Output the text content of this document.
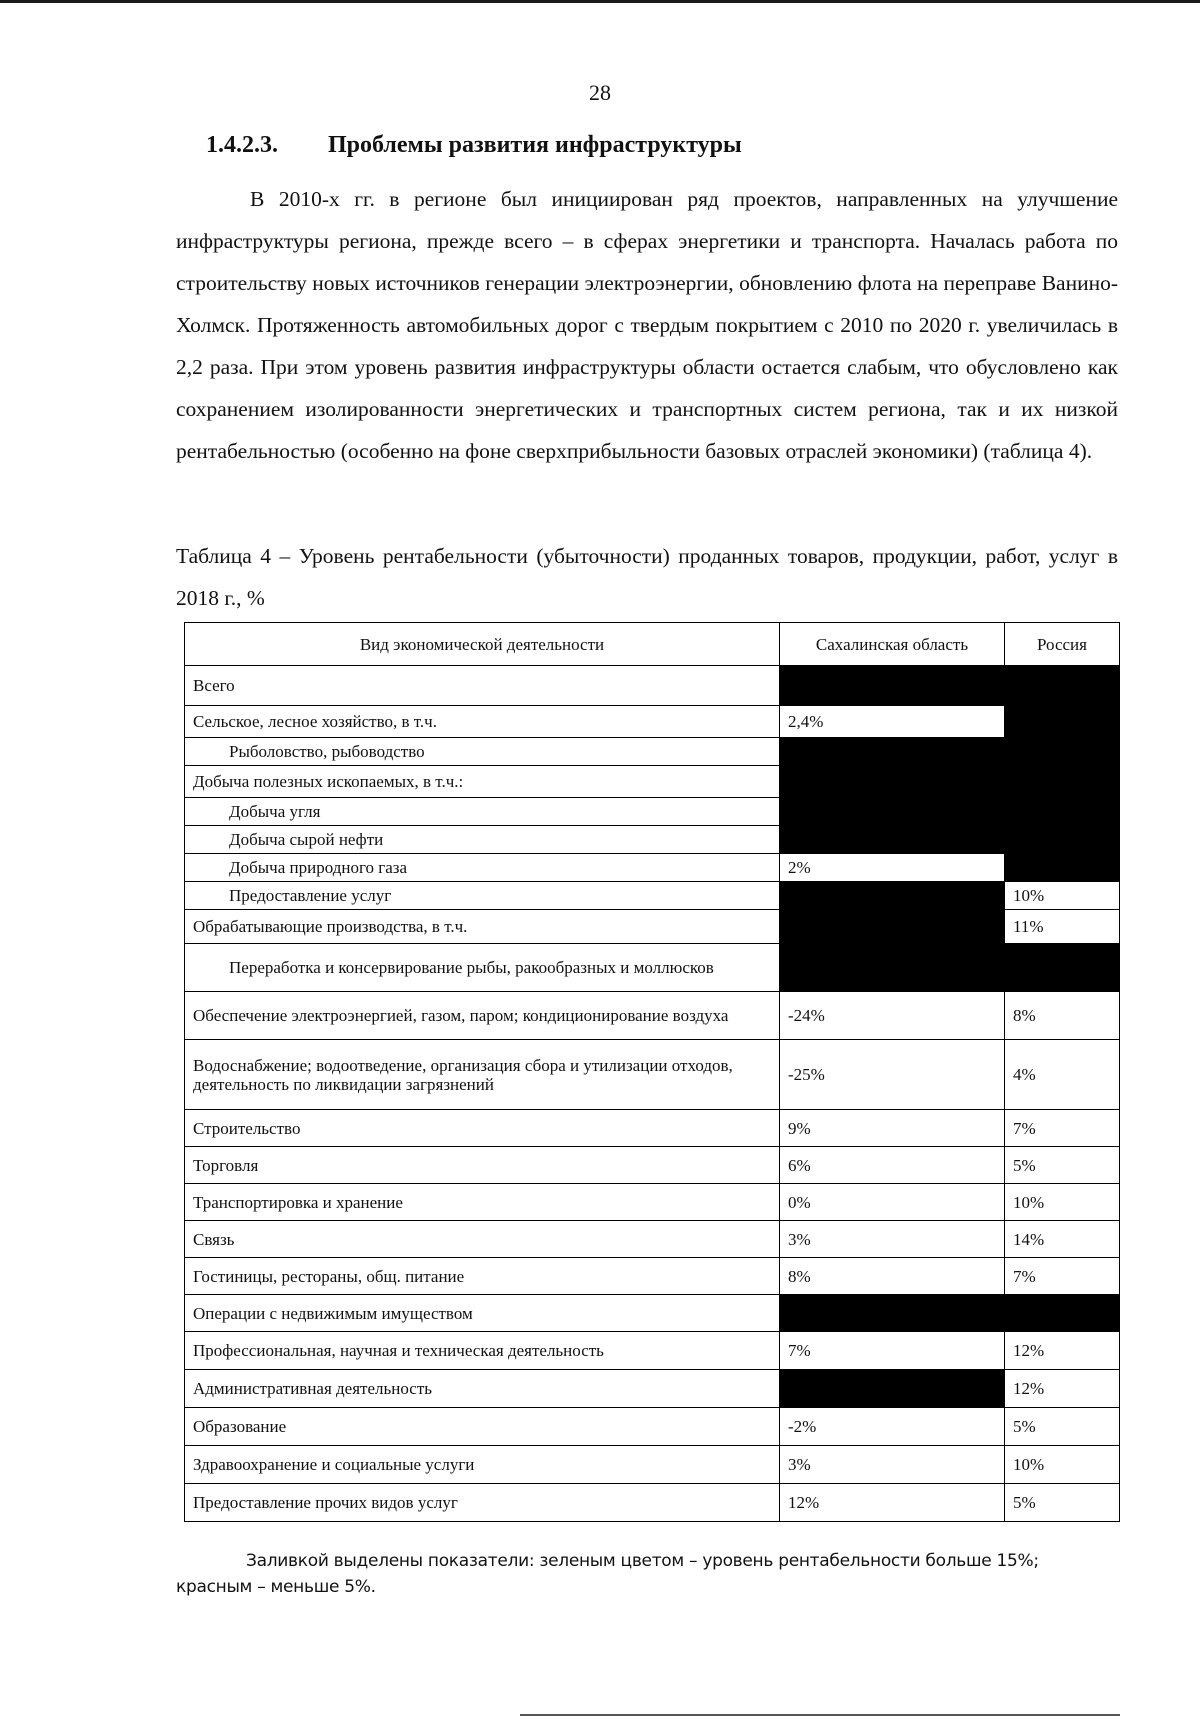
28
1.4.2.3. Проблемы развития инфраструктуры

В 2010-х гг. в регионе был инициирован ряд проектов, направленных на улучшение инфраструктуры региона, прежде всего – в сферах энергетики и транспорта. Началась работа по строительству новых источников генерации электроэнергии, обновлению флота на переправе Ванино-Холмск. Протяженность автомобильных дорог с твердым покрытием с 2010 по 2020 г. увеличилась в 2,2 раза. При этом уровень развития инфраструктуры области остается слабым, что обусловлено как сохранением изолированности энергетических и транспортных систем региона, так и их низкой рентабельностью (особенно на фоне сверхприбыльности базовых отраслей экономики) (таблица 4).

Таблица 4 – Уровень рентабельности (убыточности) проданных товаров, продукции, работ, услуг в 2018 г., %

Вид экономической деятельности	Сахалинская область	Россия
Всего		
Сельское, лесное хозяйство, в т.ч.	2,4%	
Рыболовство, рыбоводство		
Добыча полезных ископаемых, в т.ч.:		
Добыча угля		
Добыча сырой нефти		
Добыча природного газа	2%	
Предоставление услуг		10%
Обрабатывающие производства, в т.ч.		11%
Переработка и консервирование рыбы, ракообразных и моллюсков		
Обеспечение электроэнергией, газом, паром; кондиционирование воздуха	-24%	8%
Водоснабжение; водоотведение, организация сбора и утилизации отходов, деятельность по ликвидации загрязнений	-25%	4%
Строительство	9%	7%
Торговля	6%	5%
Транспортировка и хранение	0%	10%
Связь	3%	14%
Гостиницы, рестораны, общ. питание	8%	7%
Операции с недвижимым имуществом		
Профессиональная, научная и техническая деятельность	7%	12%
Административная деятельность		12%
Образование	-2%	5%
Здравоохранение и социальные услуги	3%	10%
Предоставление прочих видов услуг	12%	5%

Заливкой выделены показатели: зеленым цветом – уровень рентабельности больше 15%; красным – меньше 5%.
